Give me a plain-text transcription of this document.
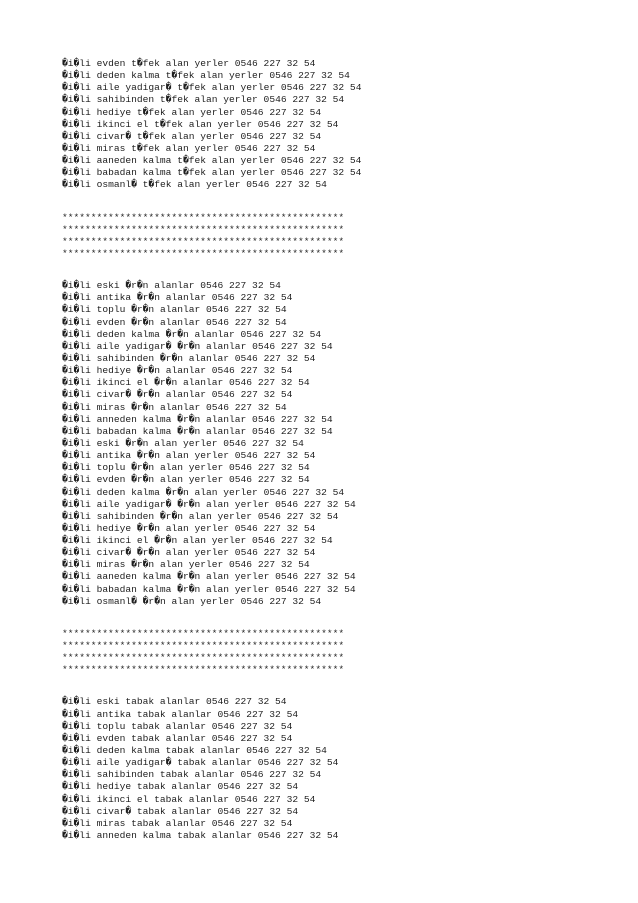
�i�li evden t�fek alan yerler 0546 227 32 54
�i�li deden kalma t�fek alan yerler 0546 227 32 54
�i�li aile yadigar� t�fek alan yerler 0546 227 32 54
�i�li sahibinden t�fek alan yerler 0546 227 32 54
�i�li hediye t�fek alan yerler 0546 227 32 54
�i�li ikinci el t�fek alan yerler 0546 227 32 54
�i�li civar� t�fek alan yerler 0546 227 32 54
�i�li miras t�fek alan yerler 0546 227 32 54
�i�li aaneden kalma t�fek alan yerler 0546 227 32 54
�i�li babadan kalma t�fek alan yerler 0546 227 32 54
�i�li osmanl� t�fek alan yerler 0546 227 32 54
*************************************************
*************************************************
*************************************************
*************************************************
�i�li eski �r�n alanlar 0546 227 32 54
�i�li antika �r�n alanlar 0546 227 32 54
�i�li toplu �r�n alanlar 0546 227 32 54
�i�li evden �r�n alanlar 0546 227 32 54
�i�li deden kalma �r�n alanlar 0546 227 32 54
�i�li aile yadigar� �r�n alanlar 0546 227 32 54
�i�li sahibinden �r�n alanlar 0546 227 32 54
�i�li hediye �r�n alanlar 0546 227 32 54
�i�li ikinci el �r�n alanlar 0546 227 32 54
�i�li civar� �r�n alanlar 0546 227 32 54
�i�li miras �r�n alanlar 0546 227 32 54
�i�li anneden kalma �r�n alanlar 0546 227 32 54
�i�li babadan kalma �r�n alanlar 0546 227 32 54
�i�li eski �r�n alan yerler 0546 227 32 54
�i�li antika �r�n alan yerler 0546 227 32 54
�i�li toplu �r�n alan yerler 0546 227 32 54
�i�li evden �r�n alan yerler 0546 227 32 54
�i�li deden kalma �r�n alan yerler 0546 227 32 54
�i�li aile yadigar� �r�n alan yerler 0546 227 32 54
�i�li sahibinden �r�n alan yerler 0546 227 32 54
�i�li hediye �r�n alan yerler 0546 227 32 54
�i�li ikinci el �r�n alan yerler 0546 227 32 54
�i�li civar� �r�n alan yerler 0546 227 32 54
�i�li miras �r�n alan yerler 0546 227 32 54
�i�li aaneden kalma �r�n alan yerler 0546 227 32 54
�i�li babadan kalma �r�n alan yerler 0546 227 32 54
�i�li osmanl� �r�n alan yerler 0546 227 32 54
*************************************************
*************************************************
*************************************************
*************************************************
�i�li eski tabak alanlar 0546 227 32 54
�i�li antika tabak alanlar 0546 227 32 54
�i�li toplu tabak alanlar 0546 227 32 54
�i�li evden tabak alanlar 0546 227 32 54
�i�li deden kalma tabak alanlar 0546 227 32 54
�i�li aile yadigar� tabak alanlar 0546 227 32 54
�i�li sahibinden tabak alanlar 0546 227 32 54
�i�li hediye tabak alanlar 0546 227 32 54
�i�li ikinci el tabak alanlar 0546 227 32 54
�i�li civar� tabak alanlar 0546 227 32 54
�i�li miras tabak alanlar 0546 227 32 54
�i�li anneden kalma tabak alanlar 0546 227 32 54
